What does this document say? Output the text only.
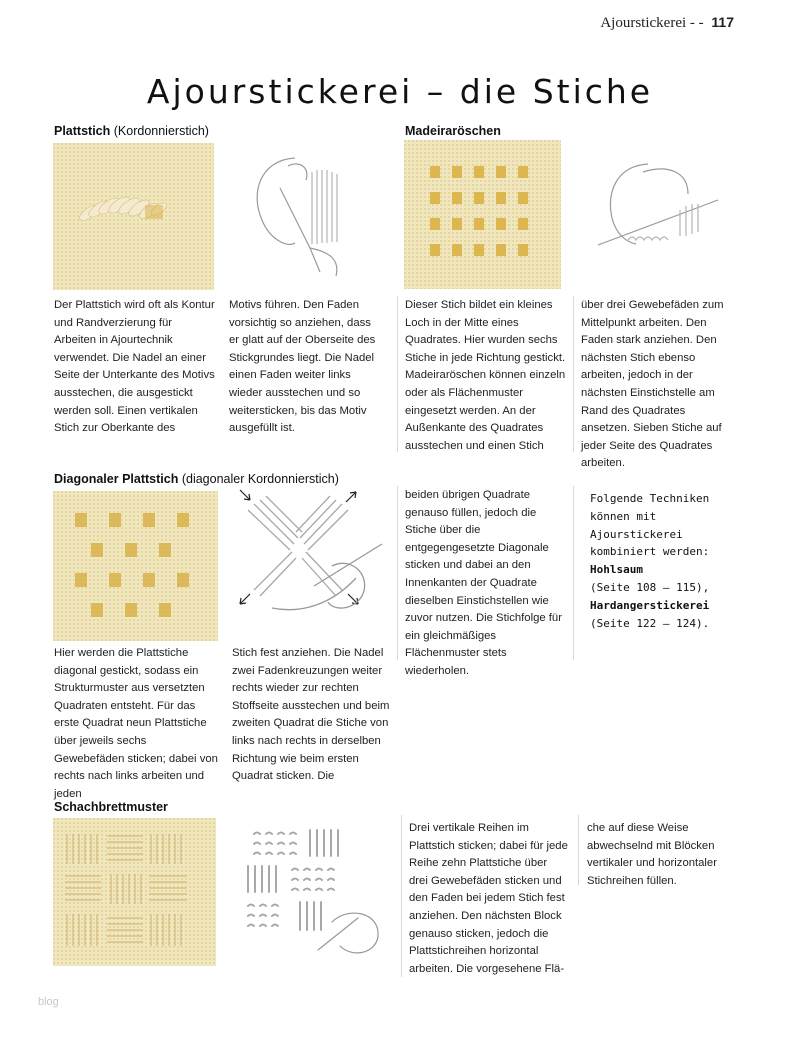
Ajourstickerei - - 117
Ajourstickerei – die Stiche
Plattstich (Kordonnierstich)
Der Plattstich wird oft als Kontur und Randverzierung für Arbeiten in Ajourtechnik verwendet. Die Nadel an einer Seite der Unterkante des Motivs ausstechen, die ausgestickt werden soll. Einen vertikalen Stich zur Oberkante des
Motivs führen. Den Faden vorsichtig so anziehen, dass er glatt auf der Oberseite des Stickgrundes liegt. Die Nadel einen Faden weiter links wieder ausstechen und so weitersticken, bis das Motiv ausgefüllt ist.
Madeiraröschen
Dieser Stich bildet ein kleines Loch in der Mitte eines Quadrates. Hier wurden sechs Stiche in jede Richtung gestickt. Madeiraröschen können einzeln oder als Flächenmuster eingesetzt werden. An der Außenkante des Quadrates ausstechen und einen Stich
über drei Gewebefäden zum Mittelpunkt arbeiten. Den Faden stark anziehen. Den nächsten Stich ebenso arbeiten, jedoch in der nächsten Einstichstelle am Rand des Quadrates ansetzen. Sieben Stiche auf jeder Seite des Quadrates arbeiten.
Diagonaler Plattstich (diagonaler Kordonnierstich)
Hier werden die Plattstiche diagonal gestickt, sodass ein Strukturmuster aus versetzten Quadraten entsteht. Für das erste Quadrat neun Plattstiche über jeweils sechs Gewebefäden sticken; dabei von rechts nach links arbeiten und jeden
Stich fest anziehen. Die Nadel zwei Fadenkreuzungen weiter rechts wieder zur rechten Stoffseite ausstechen und beim zweiten Quadrat die Stiche von links nach rechts in derselben Richtung wie beim ersten Quadrat sticken. Die
beiden übrigen Quadrate genauso füllen, jedoch die Stiche über die entgegengesetzte Diagonale sticken und dabei an den Innenkanten der Quadrate dieselben Einstichstellen wie zuvor nutzen. Die Stichfolge für ein gleichmäßiges Flächenmuster stets wiederholen.
Folgende Techniken können mit Ajourstickerei kombiniert werden:
Hohlsaum
(Seite 108 – 115),
Hardangerstickerei
(Seite 122 – 124).
Schachbrettmuster
Drei vertikale Reihen im Plattstich sticken; dabei für jede Reihe zehn Plattstiche über drei Gewebefäden sticken und den Faden bei jedem Stich fest anziehen. Den nächsten Block genauso sticken, jedoch die Plattstichreihen horizontal arbeiten. Die vorgesehene Flä-
che auf diese Weise abwechselnd mit Blöcken vertikaler und horizontaler Stichreihen füllen.
blog
